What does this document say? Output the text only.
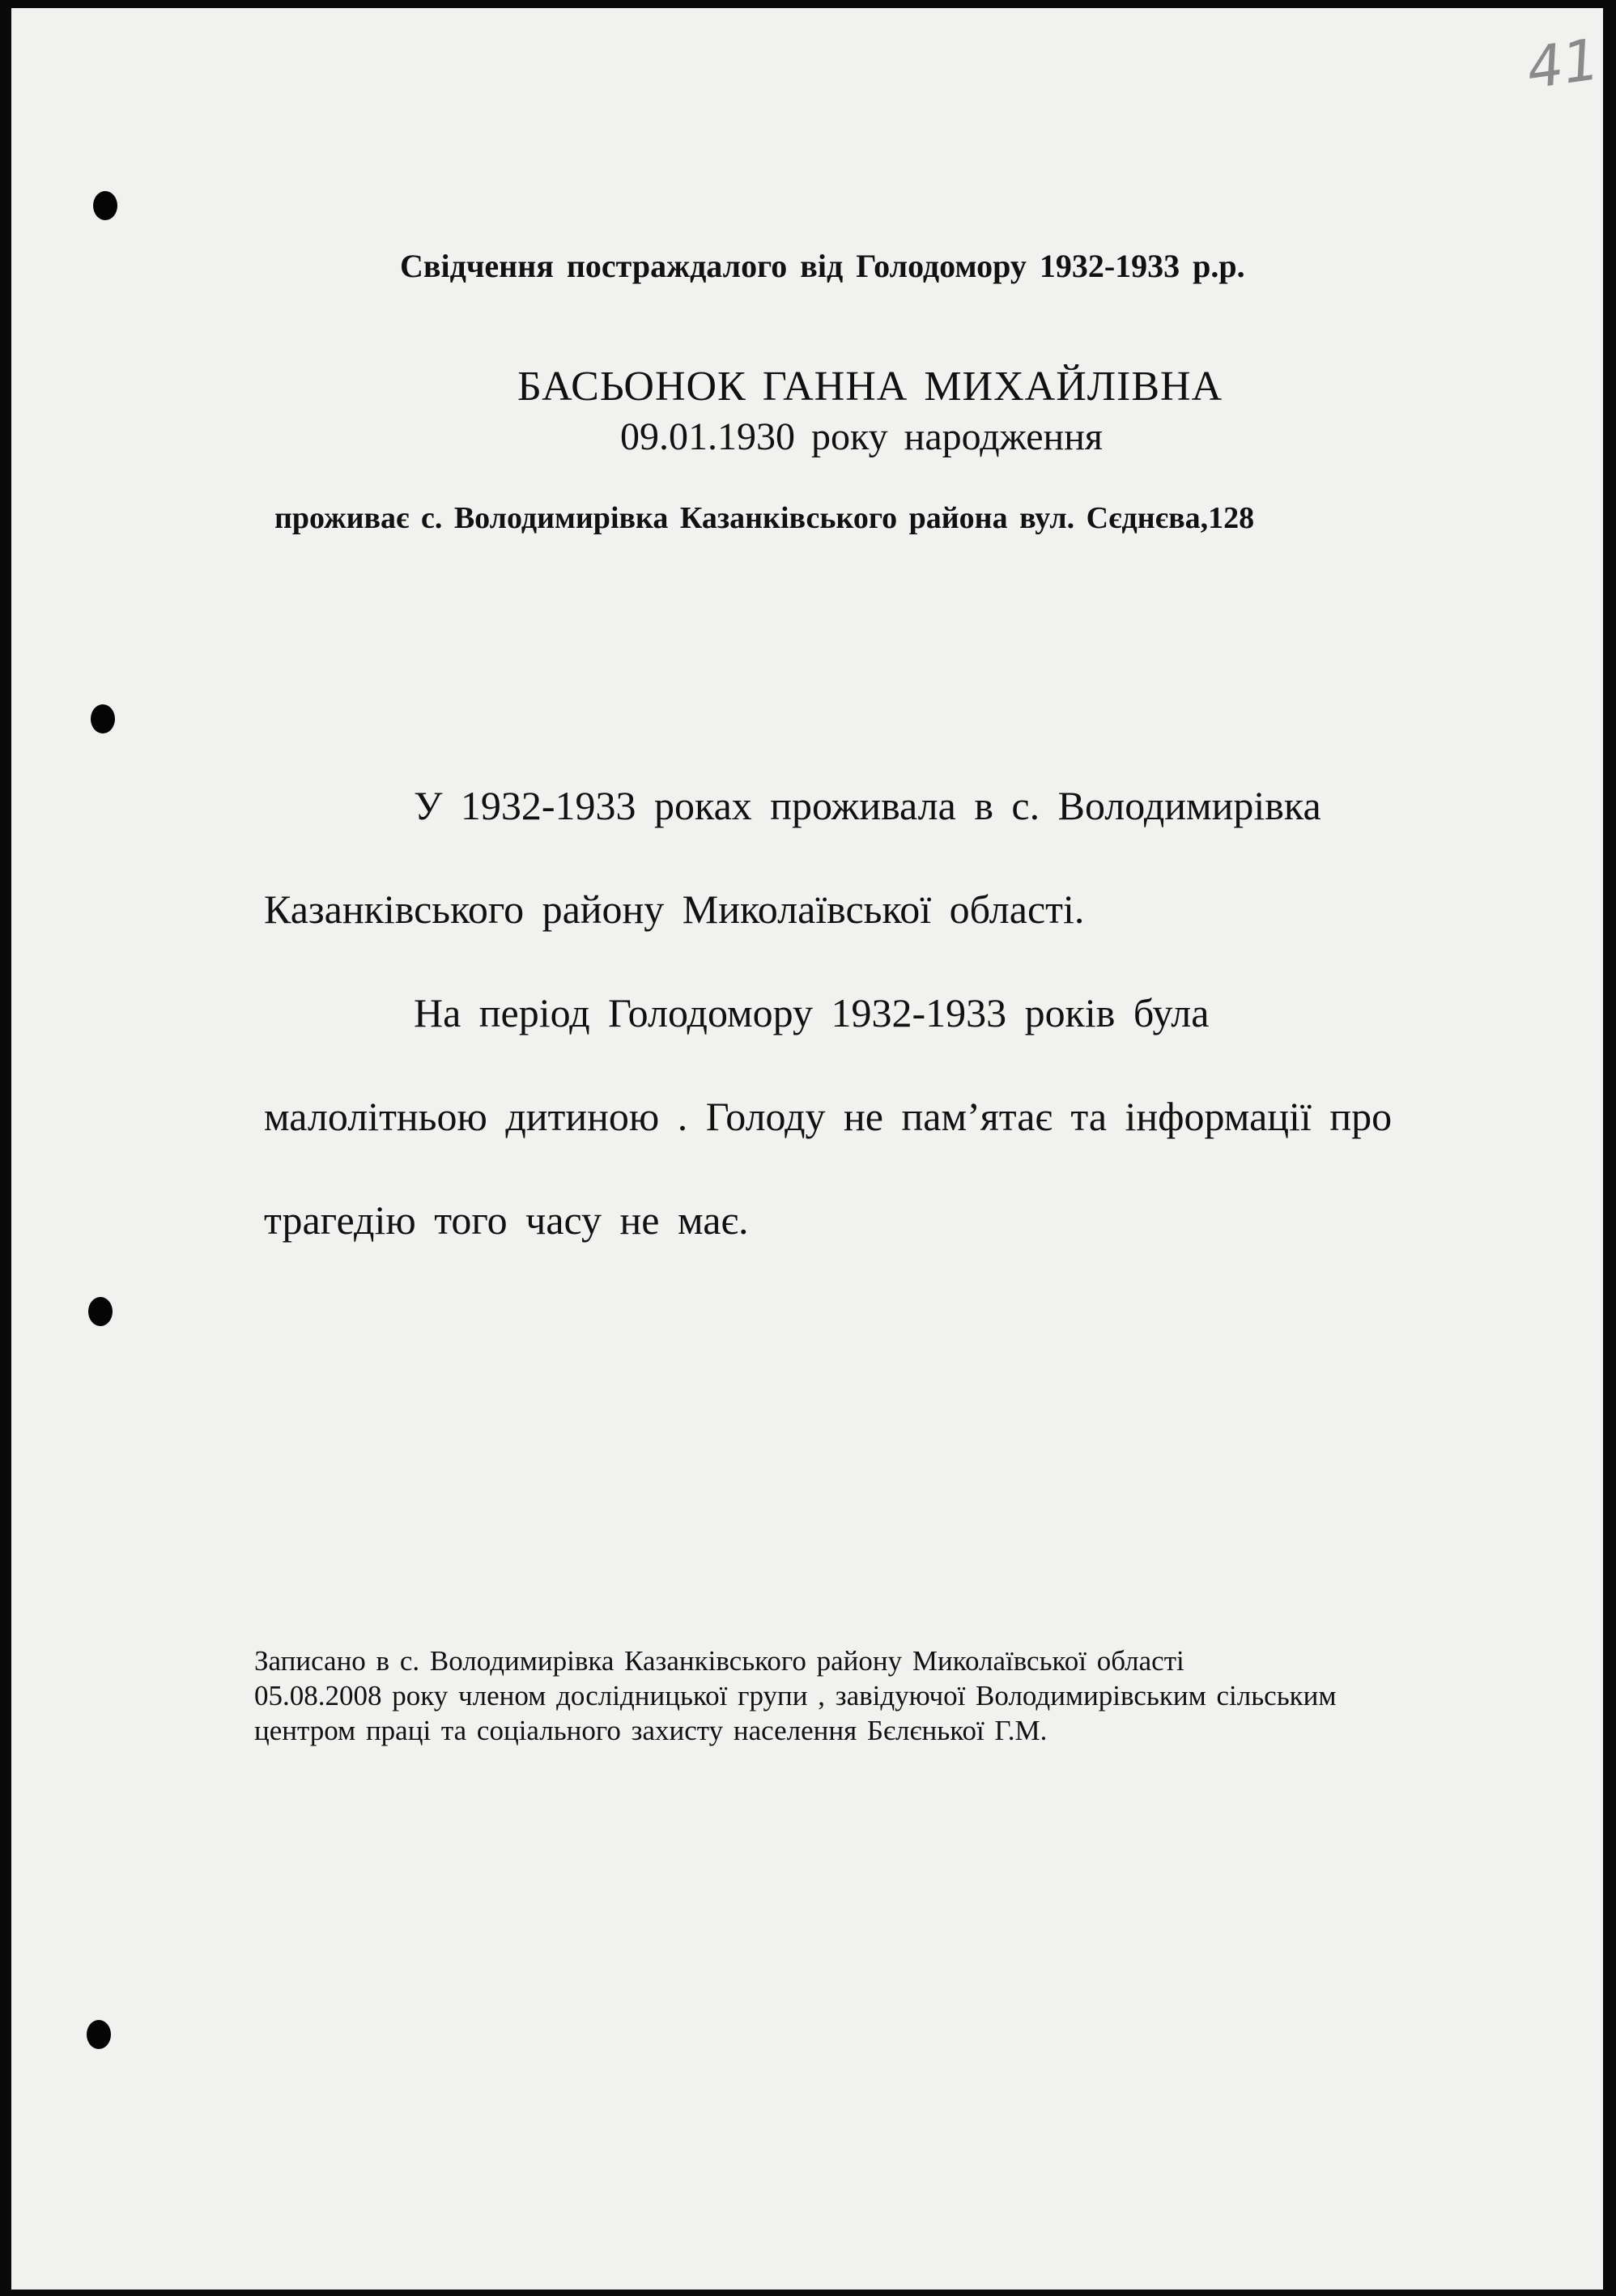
41
Свідчення постраждалого від Голодомору 1932-1933 р.р.
БАСЬОНОК ГАННА МИХАЙЛІВНА
09.01.1930 року народження
проживає с. Володимирівка Казанківського района вул. Сєднєва,128
У 1932-1933 роках проживала в с. Володимирівка
Казанківського району Миколаївської області.
На період Голодомору 1932-1933 років була
малолітньою дитиною . Голоду не пам’ятає та інформації про
трагедію того часу не має.
Записано в с. Володимирівка Казанківського району Миколаївської області
05.08.2008 року членом дослідницької групи , завідуючої Володимирівським сільським
центром праці та соціального захисту населення Бєлєнької Г.М.
